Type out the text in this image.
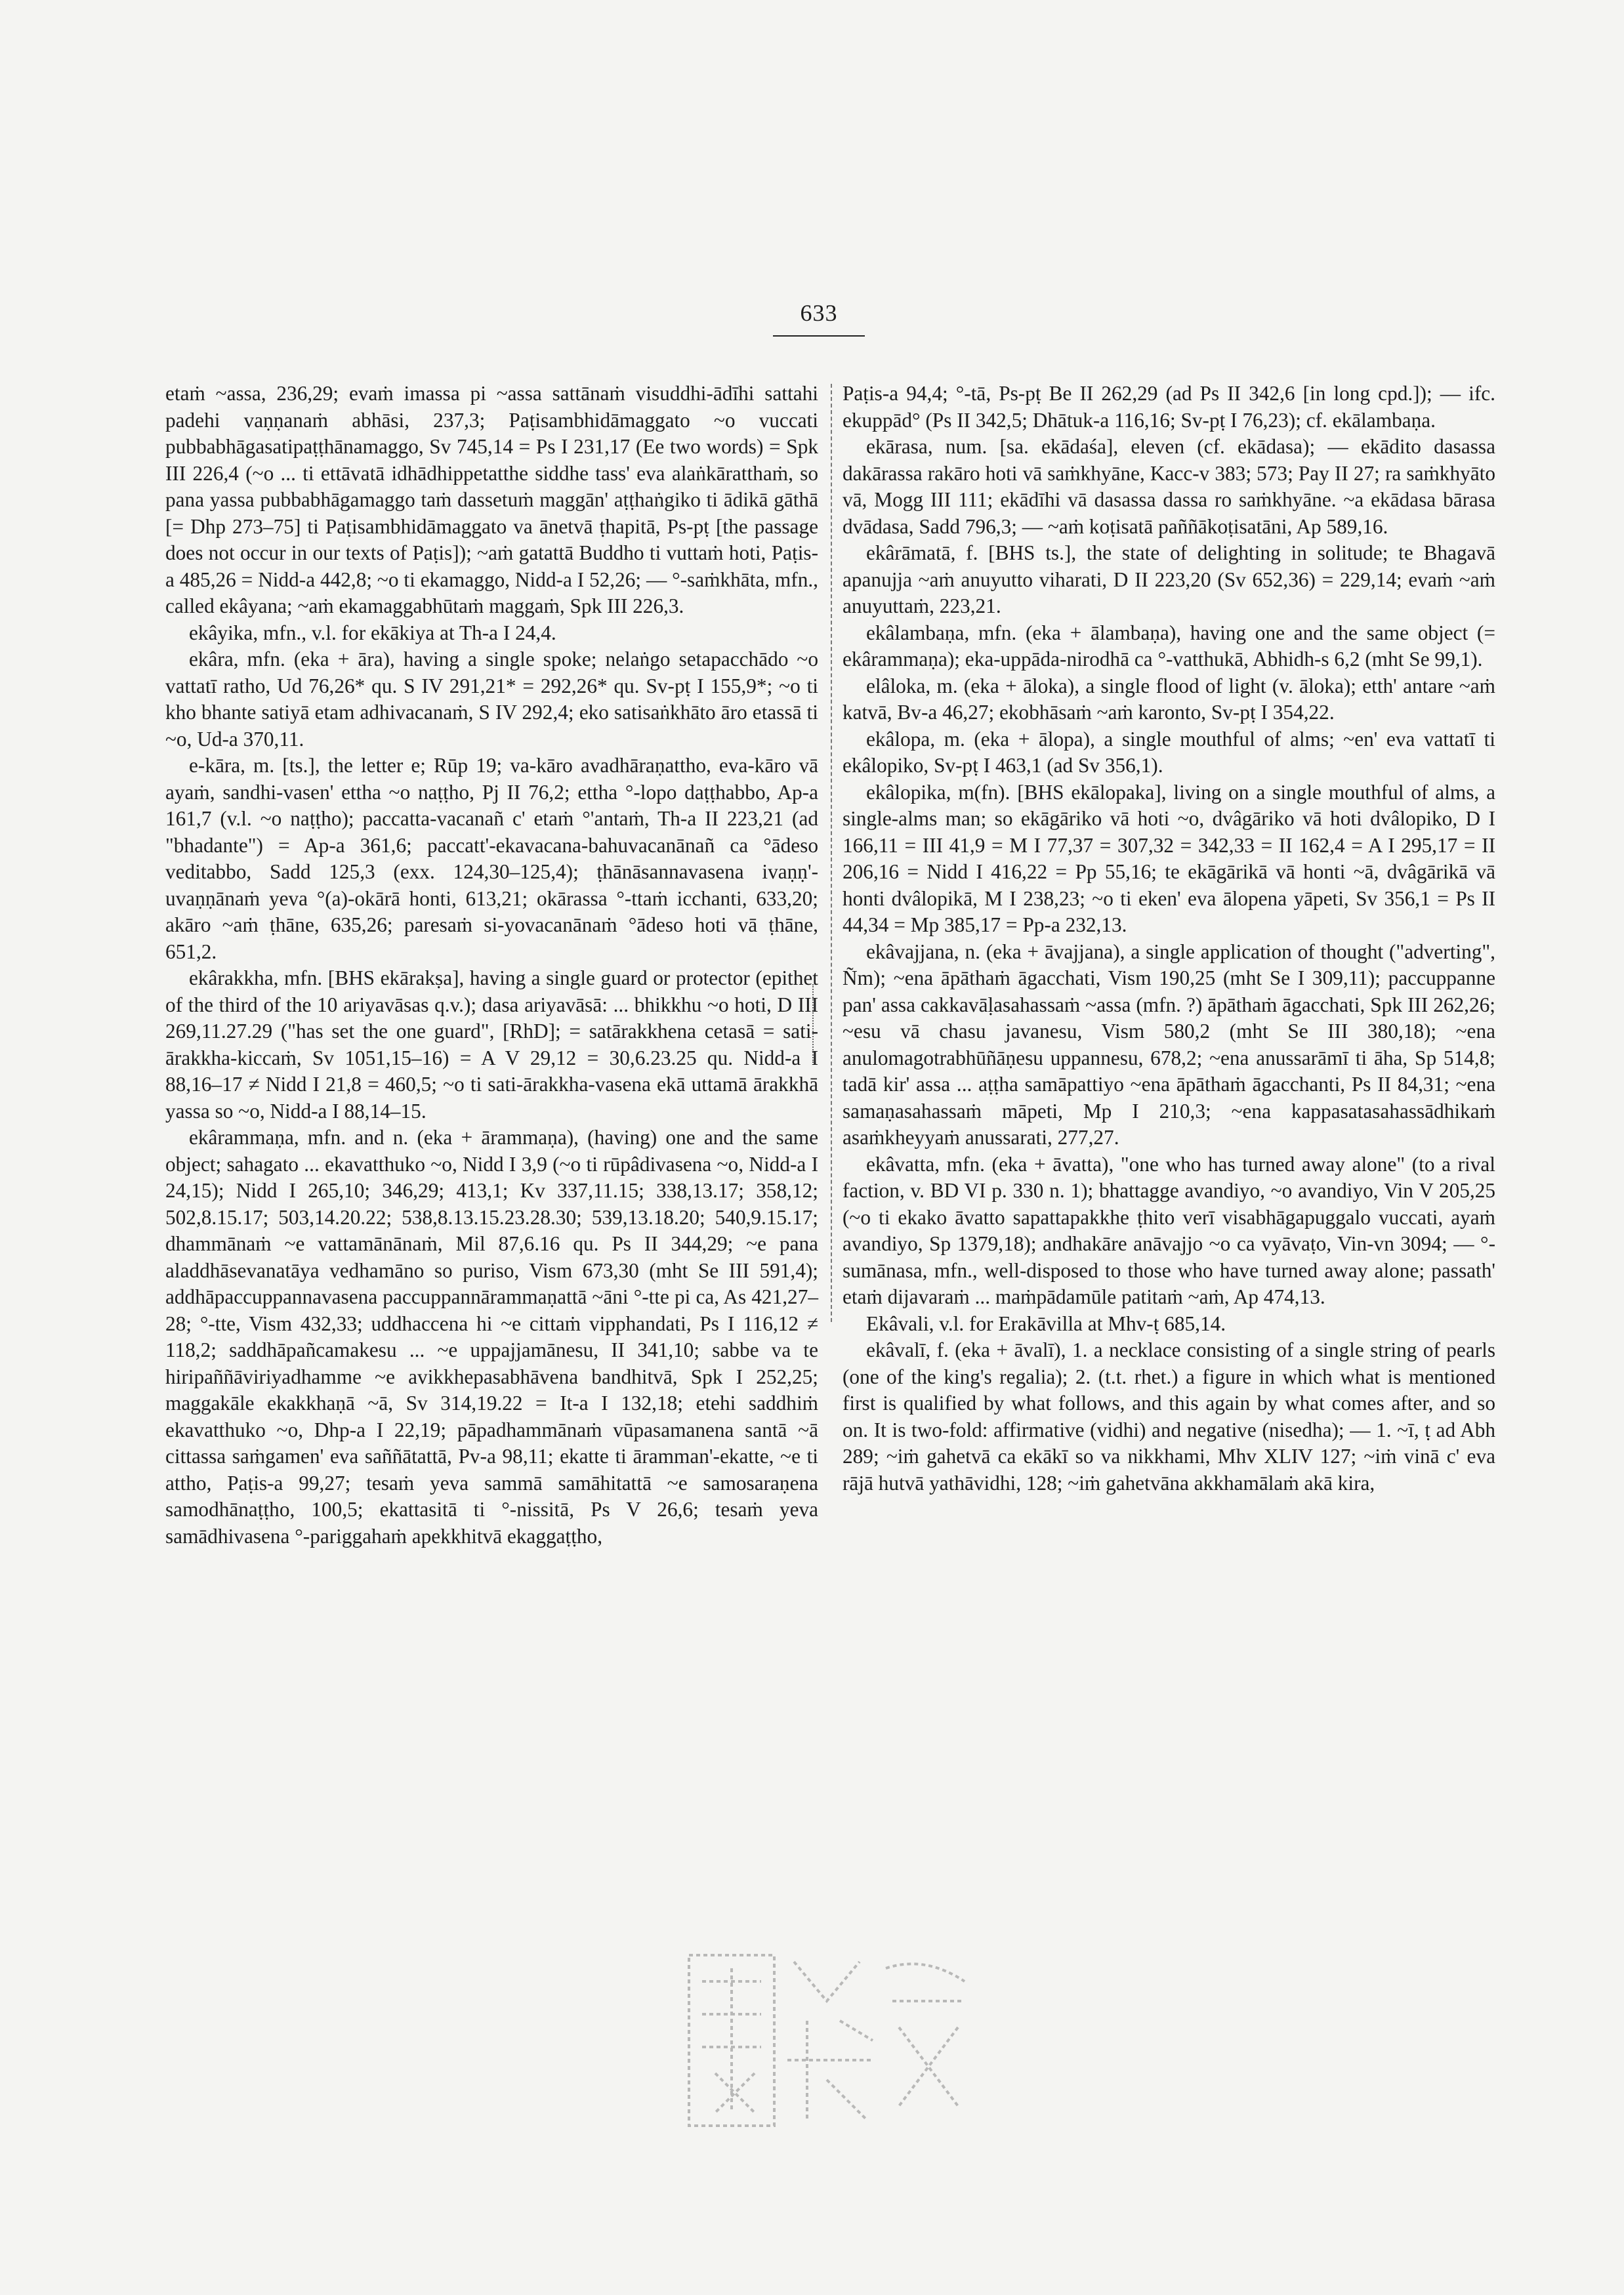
633

etaṁ ~assa, 236,29; evaṁ imassa pi ~assa sattānaṁ visuddhi-ādīhi sattahi padehi vaṇṇanaṁ abhāsi, 237,3; Paṭisambhidāmaggato ~o vuccati pubbabhāgasatipaṭṭhānamaggo, Sv 745,14 = Ps I 231,17 (Ee two words) = Spk III 226,4 (~o ... ti ettāvatā idhādhippetatthe siddhe tass' eva alaṅkāratthaṁ, so pana yassa pubbabhāgamaggo taṁ dassetuṁ maggān' aṭṭhaṅgiko ti ādikā gāthā [= Dhp 273–75] ti Paṭisambhidāmaggato va ānetvā ṭhapitā, Ps-pṭ [the passage does not occur in our texts of Paṭis]); ~aṁ gatattā Buddho ti vuttaṁ hoti, Paṭis-a 485,26 = Nidd-a 442,8; ~o ti ekamaggo, Nidd-a I 52,26; — °-saṁkhāta, mfn., called ekâyana; ~aṁ ekamaggabhūtaṁ maggaṁ, Spk III 226,3.

ekâyika, mfn., v.l. for ekākiya at Th-a I 24,4.

ekâra, mfn. (eka + āra), having a single spoke; nelaṅgo setapacchādo ~o vattatī ratho, Ud 76,26* qu. S IV 291,21* = 292,26* qu. Sv-pṭ I 155,9*; ~o ti kho bhante satiyā etam adhivacanaṁ, S IV 292,4; eko satisaṅkhāto āro etassā ti ~o, Ud-a 370,11.

e-kāra, m. [ts.], the letter e; Rūp 19; va-kāro avadhāraṇattho, eva-kāro vā ayaṁ, sandhi-vasen' ettha ~o naṭṭho, Pj II 76,2; ettha °-lopo daṭṭhabbo, Ap-a 161,7 (v.l. ~o naṭṭho); paccatta-vacanañ c' etaṁ °'antaṁ, Th-a II 223,21 (ad "bhadante") = Ap-a 361,6; paccatt'-ekavacana-bahuvacanānañ ca °ādeso veditabbo, Sadd 125,3 (exx. 124,30–125,4); ṭhānāsannavasena ivaṇṇ'-uvaṇṇānaṁ yeva °(a)-okārā honti, 613,21; okārassa °-ttaṁ icchanti, 633,20; akāro ~aṁ ṭhāne, 635,26; paresaṁ si-yovacanānaṁ °ādeso hoti vā ṭhāne, 651,2.

ekârakkha, mfn. [BHS ekārakṣa], having a single guard or protector (epithet of the third of the 10 ariyavāsas q.v.); dasa ariyavāsā: ... bhikkhu ~o hoti, D III 269,11.27.29 ("has set the one guard", [RhD]; = satārakkhena cetasā = sati-ārakkha-kiccaṁ, Sv 1051,15–16) = A V 29,12 = 30,6.23.25 qu. Nidd-a I 88,16–17 ≠ Nidd I 21,8 = 460,5; ~o ti sati-ārakkha-vasena ekā uttamā ārakkhā yassa so ~o, Nidd-a I 88,14–15.

ekârammaṇa, mfn. and n. (eka + ārammaṇa), (having) one and the same object; sahagato ... ekavatthuko ~o, Nidd I 3,9 (~o ti rūpâdivasena ~o, Nidd-a I 24,15); Nidd I 265,10; 346,29; 413,1; Kv 337,11.15; 338,13.17; 358,12; 502,8.15.17; 503,14.20.22; 538,8.13.15.23.28.30; 539,13.18.20; 540,9.15.17; dhammānaṁ ~e vattamānānaṁ, Mil 87,6.16 qu. Ps II 344,29; ~e pana aladdhāsevanatāya vedhamāno so puriso, Vism 673,30 (mht Se III 591,4); addhāpaccuppannavasena paccuppannārammaṇattā ~āni °-tte pi ca, As 421,27–28; °-tte, Vism 432,33; uddhaccena hi ~e cittaṁ vipphandati, Ps I 116,12 ≠ 118,2; saddhāpañcamakesu ... ~e uppajjamānesu, II 341,10; sabbe va te hiripaññāviriyadhamme ~e avikkhepasabhāvena bandhitvā, Spk I 252,25; maggakāle ekakkhaṇā ~ā, Sv 314,19.22 = It-a I 132,18; etehi saddhiṁ ekavatthuko ~o, Dhp-a I 22,19; pāpadhammānaṁ vūpasamanena santā ~ā cittassa saṁgamen' eva saññātattā, Pv-a 98,11; ekatte ti āramman'-ekatte, ~e ti attho, Paṭis-a 99,27; tesaṁ yeva sammā samāhitattā ~e samosaraṇena samodhānaṭṭho, 100,5; ekattasitā ti °-nissitā, Ps V 26,6; tesaṁ yeva samādhivasena °-pariggahaṁ apekkhitvā ekaggaṭṭho,

Paṭis-a 94,4; °-tā, Ps-pṭ Be II 262,29 (ad Ps II 342,6 [in long cpd.]); — ifc. ekuppād° (Ps II 342,5; Dhātuk-a 116,16; Sv-pṭ I 76,23); cf. ekālambaṇa.

ekārasa, num. [sa. ekādaśa], eleven (cf. ekādasa); — ekādito dasassa dakārassa rakāro hoti vā saṁkhyāne, Kacc-v 383; 573; Pay II 27; ra saṁkhyāto vā, Mogg III 111; ekādīhi vā dasassa dassa ro saṁkhyāne. ~a ekādasa bārasa dvādasa, Sadd 796,3; — ~aṁ koṭisatā paññākoṭisatāni, Ap 589,16.

ekârāmatā, f. [BHS ts.], the state of delighting in solitude; te Bhagavā apanujja ~aṁ anuyutto viharati, D II 223,20 (Sv 652,36) = 229,14; evaṁ ~aṁ anuyuttaṁ, 223,21.

ekâlambaṇa, mfn. (eka + ālambaṇa), having one and the same object (= ekârammaṇa); eka-uppāda-nirodhā ca °-vatthukā, Abhidh-s 6,2 (mht Se 99,1).

elâloka, m. (eka + āloka), a single flood of light (v. āloka); etth' antare ~aṁ katvā, Bv-a 46,27; ekobhāsaṁ ~aṁ karonto, Sv-pṭ I 354,22.

ekâlopa, m. (eka + ālopa), a single mouthful of alms; ~en' eva vattatī ti ekâlopiko, Sv-pṭ I 463,1 (ad Sv 356,1).

ekâlopika, m(fn). [BHS ekālopaka], living on a single mouthful of alms, a single-alms man; so ekāgāriko vā hoti ~o, dvâgāriko vā hoti dvâlopiko, D I 166,11 = III 41,9 = M I 77,37 = 307,32 = 342,33 = II 162,4 = A I 295,17 = II 206,16 = Nidd I 416,22 = Pp 55,16; te ekāgārikā vā honti ~ā, dvâgārikā vā honti dvâlopikā, M I 238,23; ~o ti eken' eva ālopena yāpeti, Sv 356,1 = Ps II 44,34 = Mp 385,17 = Pp-a 232,13.

ekâvajjana, n. (eka + āvajjana), a single application of thought ("adverting", Ñm); ~ena āpāthaṁ āgacchati, Vism 190,25 (mht Se I 309,11); paccuppanne pan' assa cakkavāḷasahassaṁ ~assa (mfn. ?) āpāthaṁ āgacchati, Spk III 262,26; ~esu vā chasu javanesu, Vism 580,2 (mht Se III 380,18); ~ena anulomagotrabhūñāṇesu uppannesu, 678,2; ~ena anussarāmī ti āha, Sp 514,8; tadā kir' assa ... aṭṭha samāpattiyo ~ena āpāthaṁ āgacchanti, Ps II 84,31; ~ena samaṇasahassaṁ māpeti, Mp I 210,3; ~ena kappasatasahassādhikaṁ asaṁkheyyaṁ anussarati, 277,27.

ekâvatta, mfn. (eka + āvatta), "one who has turned away alone" (to a rival faction, v. BD VI p. 330 n. 1); bhattagge avandiyo, ~o avandiyo, Vin V 205,25 (~o ti ekako āvatto sapattapakkhe ṭhito verī visabhāgapuggalo vuccati, ayaṁ avandiyo, Sp 1379,18); andhakāre anāvajjo ~o ca vyāvaṭo, Vin-vn 3094; — °-sumānasa, mfn., well-disposed to those who have turned away alone; passath' etaṁ dijavaraṁ ... maṁpādamūle patitaṁ ~aṁ, Ap 474,13.

Ekâvali, v.l. for Erakāvilla at Mhv-ṭ 685,14.

ekâvalī, f. (eka + āvalī), 1. a necklace consisting of a single string of pearls (one of the king's regalia); 2. (t.t. rhet.) a figure in which what is mentioned first is qualified by what follows, and this again by what comes after, and so on. It is two-fold: affirmative (vidhi) and negative (nisedha); — 1. ~ī, ṭ ad Abh 289; ~iṁ gahetvā ca ekākī so va nikkhami, Mhv XLIV 127; ~iṁ vinā c' eva rājā hutvā yathāvidhi, 128; ~iṁ gahetvāna akkhamālaṁ akā kira,
